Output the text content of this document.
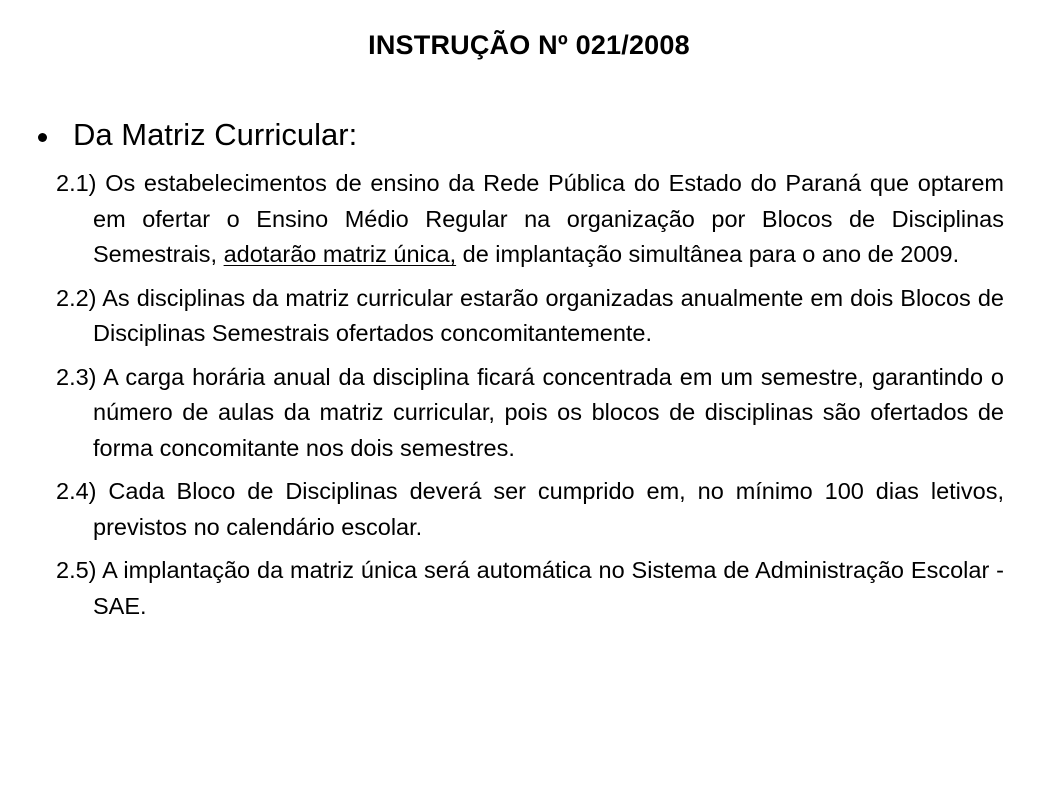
INSTRUÇÃO Nº 021/2008
Da Matriz Curricular:

2.1) Os estabelecimentos de ensino da Rede Pública do Estado do Paraná que optarem em ofertar o Ensino Médio Regular na organização por Blocos de Disciplinas Semestrais, adotarão matriz única, de implantação simultânea para o ano de 2009.

2.2) As disciplinas da matriz curricular estarão organizadas anualmente em dois Blocos de Disciplinas Semestrais ofertados concomitantemente.

2.3) A carga horária anual da disciplina ficará concentrada em um semestre, garantindo o número de aulas da matriz curricular, pois os blocos de disciplinas são ofertados de forma concomitante nos dois semestres.

2.4) Cada Bloco de Disciplinas deverá ser cumprido em, no mínimo 100 dias letivos, previstos no calendário escolar.

2.5) A implantação da matriz única será automática no Sistema de Administração Escolar - SAE.
